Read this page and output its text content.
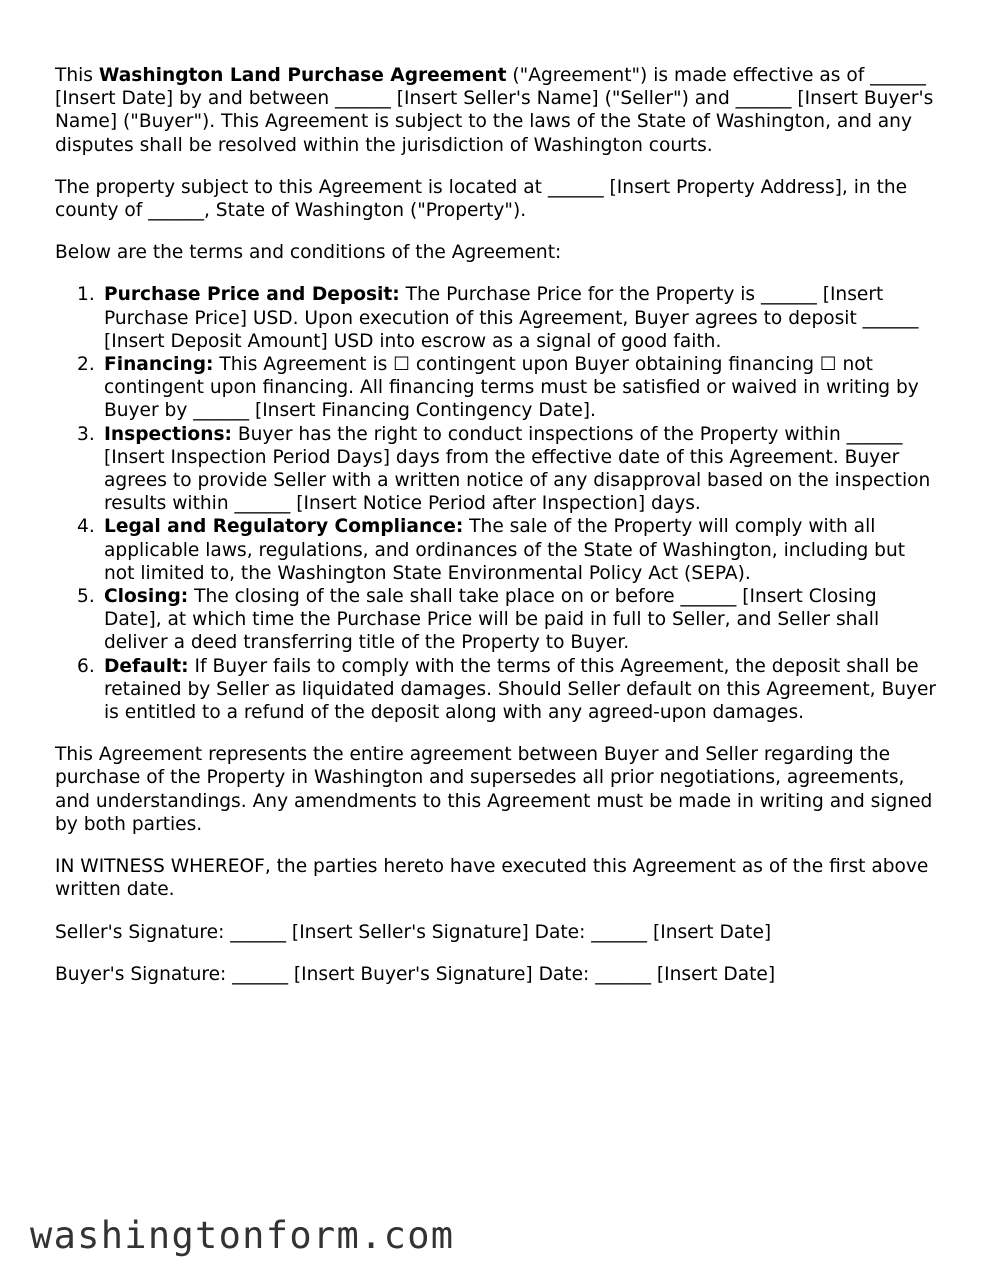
This Washington Land Purchase Agreement ("Agreement") is made effective as of ______ [Insert Date] by and between ______ [Insert Seller's Name] ("Seller") and ______ [Insert Buyer's Name] ("Buyer"). This Agreement is subject to the laws of the State of Washington, and any disputes shall be resolved within the jurisdiction of Washington courts.

The property subject to this Agreement is located at ______ [Insert Property Address], in the county of ______, State of Washington ("Property").

Below are the terms and conditions of the Agreement:

1. Purchase Price and Deposit: The Purchase Price for the Property is ______ [Insert Purchase Price] USD. Upon execution of this Agreement, Buyer agrees to deposit ______ [Insert Deposit Amount] USD into escrow as a signal of good faith.
2. Financing: This Agreement is ☐ contingent upon Buyer obtaining financing ☐ not contingent upon financing. All financing terms must be satisfied or waived in writing by Buyer by ______ [Insert Financing Contingency Date].
3. Inspections: Buyer has the right to conduct inspections of the Property within ______ [Insert Inspection Period Days] days from the effective date of this Agreement. Buyer agrees to provide Seller with a written notice of any disapproval based on the inspection results within ______ [Insert Notice Period after Inspection] days.
4. Legal and Regulatory Compliance: The sale of the Property will comply with all applicable laws, regulations, and ordinances of the State of Washington, including but not limited to, the Washington State Environmental Policy Act (SEPA).
5. Closing: The closing of the sale shall take place on or before ______ [Insert Closing Date], at which time the Purchase Price will be paid in full to Seller, and Seller shall deliver a deed transferring title of the Property to Buyer.
6. Default: If Buyer fails to comply with the terms of this Agreement, the deposit shall be retained by Seller as liquidated damages. Should Seller default on this Agreement, Buyer is entitled to a refund of the deposit along with any agreed-upon damages.

This Agreement represents the entire agreement between Buyer and Seller regarding the purchase of the Property in Washington and supersedes all prior negotiations, agreements, and understandings. Any amendments to this Agreement must be made in writing and signed by both parties.

IN WITNESS WHEREOF, the parties hereto have executed this Agreement as of the first above written date.

Seller's Signature: ______ [Insert Seller's Signature] Date: ______ [Insert Date]

Buyer's Signature: ______ [Insert Buyer's Signature] Date: ______ [Insert Date]

washingtonform.com
